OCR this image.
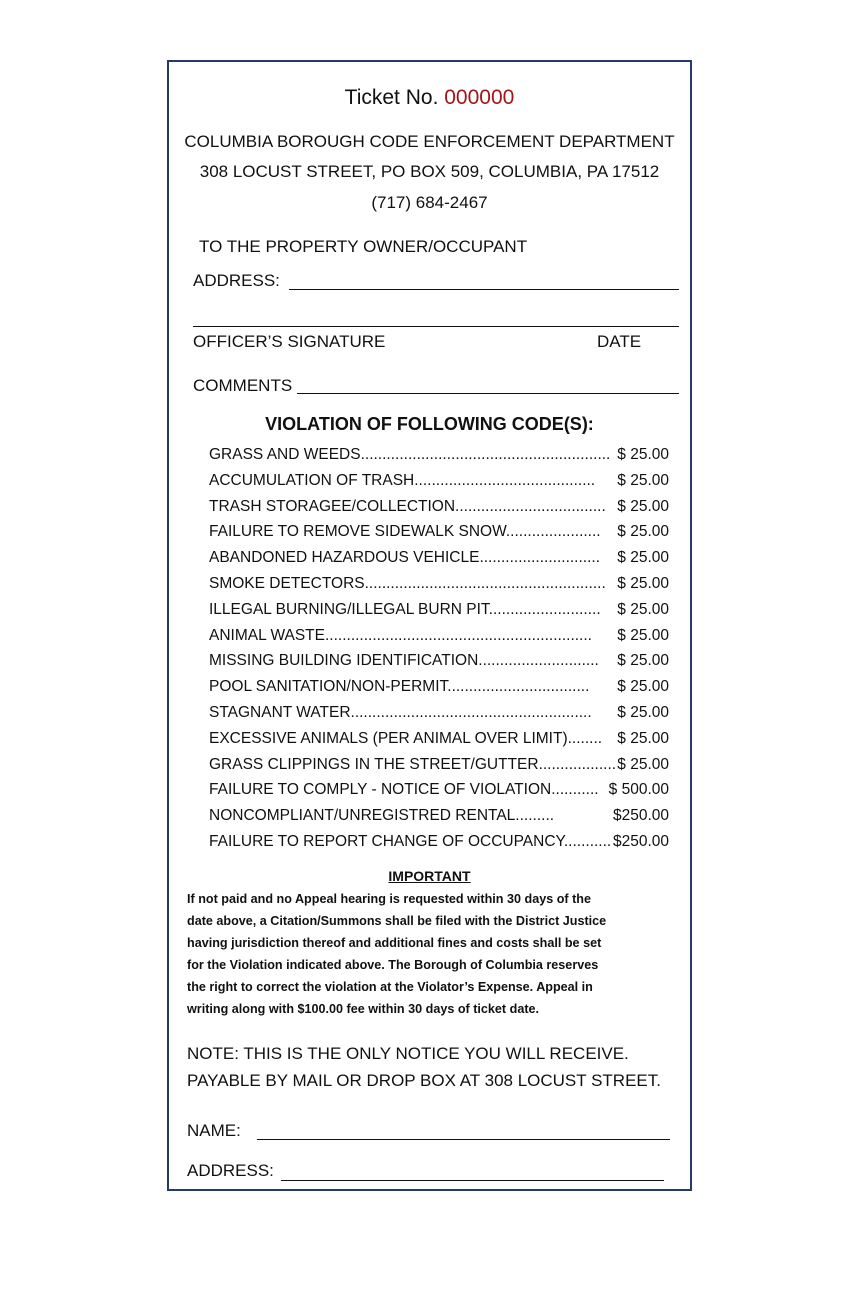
Ticket No. 000000
COLUMBIA BOROUGH CODE ENFORCEMENT DEPARTMENT
308 LOCUST STREET, PO BOX 509, COLUMBIA, PA 17512
(717) 684-2467
TO THE PROPERTY OWNER/OCCUPANT
ADDRESS:
OFFICER’S SIGNATURE	DATE
COMMENTS
VIOLATION OF FOLLOWING CODE(S):
GRASS AND WEEDS.......................................................... $ 25.00
ACCUMULATION OF TRASH.......................................... $ 25.00
TRASH STORAGEE/COLLECTION................................... $ 25.00
FAILURE TO REMOVE SIDEWALK SNOW...................... $ 25.00
ABANDONED HAZARDOUS VEHICLE............................ $ 25.00
SMOKE DETECTORS........................................................ $ 25.00
ILLEGAL BURNING/ILLEGAL BURN PIT.......................... $ 25.00
ANIMAL WASTE.............................................................. $ 25.00
MISSING BUILDING IDENTIFICATION............................ $ 25.00
POOL SANITATION/NON-PERMIT................................. $ 25.00
STAGNANT WATER........................................................ $ 25.00
EXCESSIVE ANIMALS (PER ANIMAL OVER LIMIT)........ $ 25.00
GRASS CLIPPINGS IN THE STREET/GUTTER.................. $ 25.00
FAILURE TO COMPLY - NOTICE OF VIOLATION........... $ 500.00
NONCOMPLIANT/UNREGISTRED RENTAL.........	$250.00
FAILURE TO REPORT CHANGE OF OCCUPANCY........... $250.00
IMPORTANT
If not paid and no Appeal hearing is requested within 30 days of the
date above, a Citation/Summons shall be filed with the District Justice
having jurisdiction thereof and additional fines and costs shall be set
for the Violation indicated above. The Borough of Columbia reserves
the right to correct the violation at the Violator’s Expense. Appeal in
writing along with $100.00 fee within 30 days of ticket date.
NOTE: THIS IS THE ONLY NOTICE YOU WILL RECEIVE.
PAYABLE BY MAIL OR DROP BOX AT 308 LOCUST STREET.
NAME:
ADDRESS:
